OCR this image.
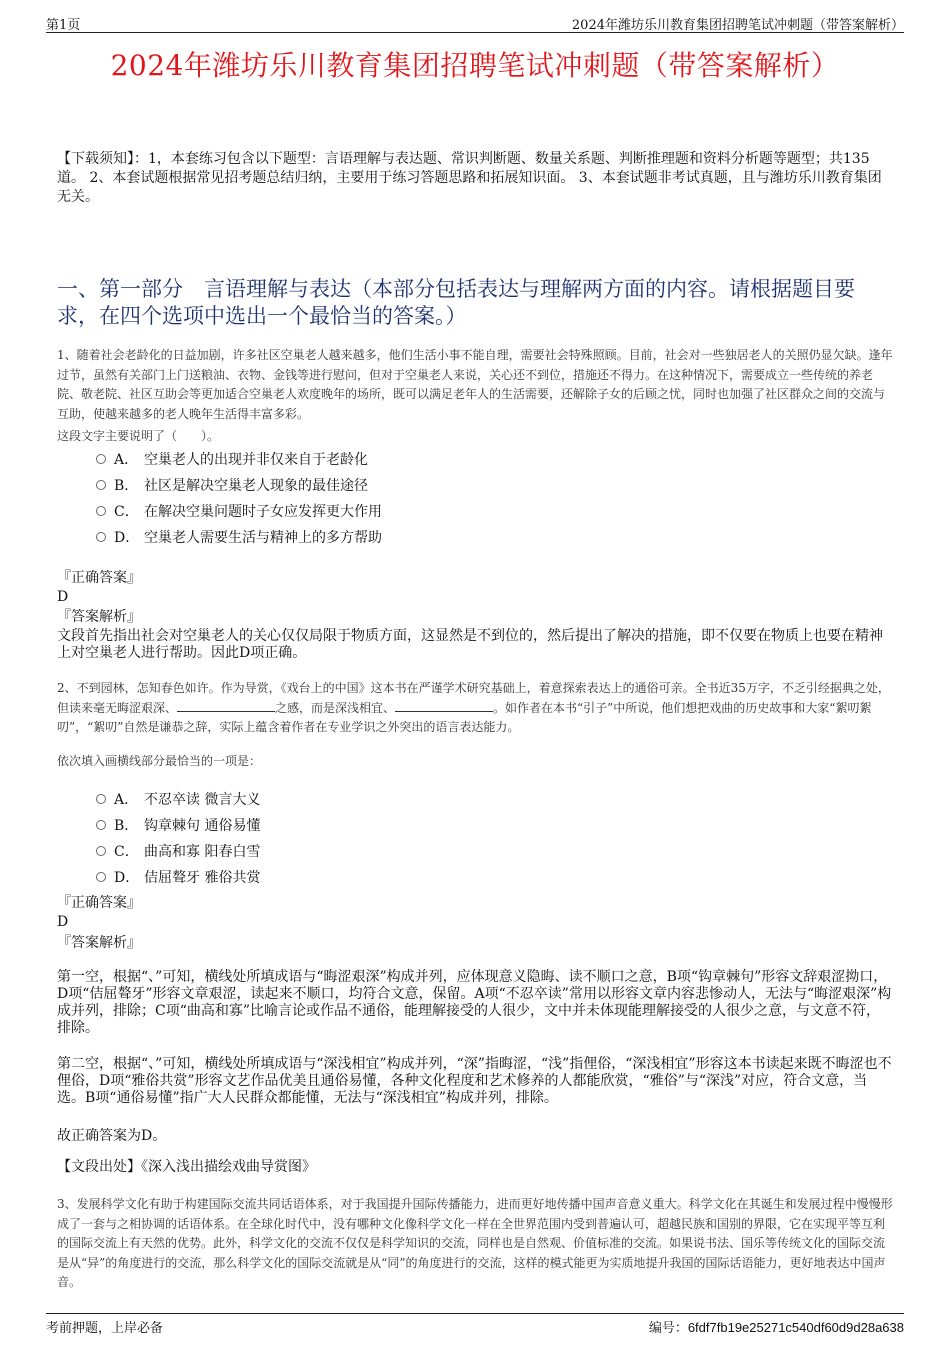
第1页	2024年潍坊乐川教育集团招聘笔试冲刺题（带答案解析）
2024年潍坊乐川教育集团招聘笔试冲刺题（带答案解析）
【下载须知】：1，本套练习包含以下题型：言语理解与表达题、常识判断题、数量关系题、判断推理题和资料分析题等题型；共135道。 2、本套试题根据常见招考题总结归纳，主要用于练习答题思路和拓展知识面。 3、本套试题非考试真题，且与潍坊乐川教育集团无关。
一、第一部分　言语理解与表达（本部分包括表达与理解两方面的内容。请根据题目要求，在四个选项中选出一个最恰当的答案。）
1、随着社会老龄化的日益加剧，许多社区空巢老人越来越多，他们生活小事不能自理，需要社会特殊照顾。目前，社会对一些独居老人的关照仍显欠缺。逢年过节，虽然有关部门上门送粮油、衣物、金钱等进行慰问，但对于空巢老人来说，关心还不到位，措施还不得力。在这种情况下，需要成立一些传统的养老院、敬老院、社区互助会等更加适合空巢老人欢度晚年的场所，既可以满足老年人的生活需要，还解除子女的后顾之忧，同时也加强了社区群众之间的交流与互助，使越来越多的老人晚年生活得丰富多彩。
这段文字主要说明了（　　）。
A． 空巢老人的出现并非仅来自于老龄化
B． 社区是解决空巢老人现象的最佳途径
C． 在解决空巢问题时子女应发挥更大作用
D． 空巢老人需要生活与精神上的多方帮助
『正确答案』
D
『答案解析』
文段首先指出社会对空巢老人的关心仅仅局限于物质方面，这显然是不到位的，然后提出了解决的措施，即不仅要在物质上也要在精神上对空巢老人进行帮助。因此D项正确。
2、不到园林，怎知春色如许。作为导赏，《戏台上的中国》这本书在严谨学术研究基础上，着意探索表达上的通俗可亲。全书近35万字，不乏引经据典之处，但读来毫无晦涩艰深、	之感，而是深浅相宜、	。如作者在本书“引子”中所说，他们想把戏曲的历史故事和大家“絮叨絮叨”，“絮叨”自然是谦恭之辞，实际上蕴含着作者在专业学识之外突出的语言表达能力。
依次填入画横线部分最恰当的一项是：
A． 不忍卒读 微言大义
B． 钩章棘句 通俗易懂
C． 曲高和寡 阳春白雪
D． 佶屈聱牙 雅俗共赏
『正确答案』
D
『答案解析』
第一空，根据“、”可知，横线处所填成语与“晦涩艰深”构成并列，应体现意义隐晦、读不顺口之意，B项“钩章棘句”形容文辞艰涩拗口，D项“佶屈聱牙”形容文章艰涩，读起来不顺口，均符合文意，保留。A项“不忍卒读”常用以形容文章内容悲惨动人，无法与“晦涩艰深”构成并列，排除；C项“曲高和寡”比喻言论或作品不通俗，能理解接受的人很少，文中并未体现能理解接受的人很少之意，与文意不符，排除。
第二空，根据“、”可知，横线处所填成语与“深浅相宜”构成并列，“深”指晦涩，“浅”指俚俗，“深浅相宜”形容这本书读起来既不晦涩也不俚俗，D项“雅俗共赏”形容文艺作品优美且通俗易懂，各种文化程度和艺术修养的人都能欣赏，“雅俗”与“深浅”对应，符合文意，当选。B项“通俗易懂”指广大人民群众都能懂，无法与“深浅相宜”构成并列，排除。
故正确答案为D。
【文段出处】《深入浅出描绘戏曲导赏图》
3、发展科学文化有助于构建国际交流共同话语体系，对于我国提升国际传播能力，进而更好地传播中国声音意义重大。科学文化在其诞生和发展过程中慢慢形成了一套与之相协调的话语体系。在全球化时代中，没有哪种文化像科学文化一样在全世界范围内受到普遍认可，超越民族和国别的界限，它在实现平等互利的国际交流上有天然的优势。此外，科学文化的交流不仅仅是科学知识的交流，同样也是自然观、价值标准的交流。如果说书法、国乐等传统文化的国际交流是从“异”的角度进行的交流，那么科学文化的国际交流就是从“同”的角度进行的交流，这样的模式能更为实质地提升我国的国际话语能力，更好地表达中国声音。
考前押题，上岸必备	编号：6fdf7fb19e25271c540df60d9d28a638
